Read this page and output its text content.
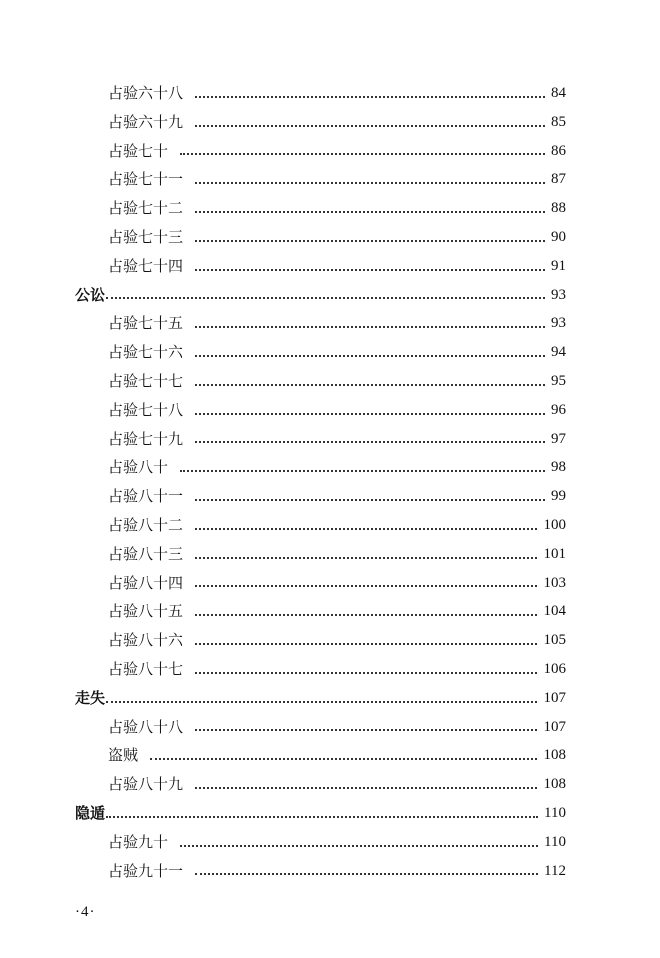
占验六十八	84
占验六十九	85
占验七十	86
占验七十一	87
占验七十二	88
占验七十三	90
占验七十四	91
公讼	93
占验七十五	93
占验七十六	94
占验七十七	95
占验七十八	96
占验七十九	97
占验八十	98
占验八十一	99
占验八十二	100
占验八十三	101
占验八十四	103
占验八十五	104
占验八十六	105
占验八十七	106
走失	107
占验八十八	107
盗贼	108
占验八十九	108
隐遁	110
占验九十	110
占验九十一	112
·4·
